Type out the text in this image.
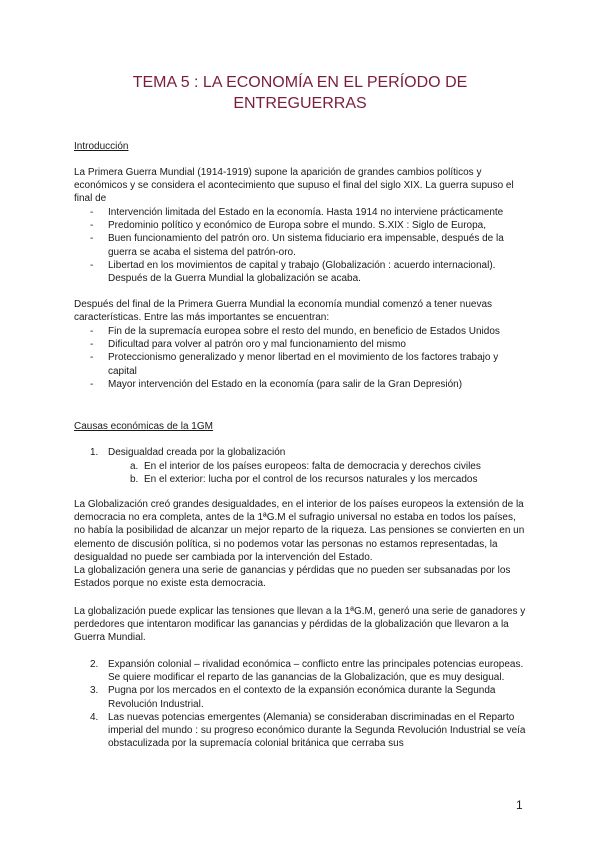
TEMA 5 : LA ECONOMÍA EN EL PERÍODO DE
ENTREGUERRAS
Introducción
La Primera Guerra Mundial (1914-1919) supone la aparición de grandes cambios políticos y económicos y se considera el acontecimiento que supuso el final del siglo XIX. La guerra supuso el final de
- Intervención limitada del Estado en la economía. Hasta 1914 no interviene prácticamente
- Predominio político y económico de Europa sobre el mundo. S.XIX : Siglo de Europa,
- Buen funcionamiento del patrón oro. Un sistema fiduciario era impensable, después de la guerra se acaba el sistema del patrón-oro.
- Libertad en los movimientos de capital y trabajo (Globalización : acuerdo internacional). Después de la Guerra Mundial la globalización se acaba.
Después del final de la Primera Guerra Mundial la economía mundial comenzó a tener nuevas características. Entre las más importantes se encuentran:
- Fin de la supremacía europea sobre el resto del mundo, en beneficio de Estados Unidos
- Dificultad para volver al patrón oro y mal funcionamiento del mismo
- Proteccionismo generalizado y menor libertad en el movimiento de los factores trabajo y capital
- Mayor intervención del Estado en la economía (para salir de la Gran Depresión)
Causas económicas de la 1GM
1. Desigualdad creada por la globalización
a. En el interior de los países europeos: falta de democracia y derechos civiles
b. En el exterior: lucha por el control de los recursos naturales y los mercados

La Globalización creó grandes desigualdades, en el interior de los países europeos la extensión de la democracia no era completa, antes de la 1ªG.M el sufragio universal no estaba en todos los países, no había la posibilidad de alcanzar un mejor reparto de la riqueza. Las pensiones se convierten en un elemento de discusión política, si no podemos votar las personas no estamos representadas, la desigualdad no puede ser cambiada por la intervención del Estado.

La globalización genera una serie de ganancias y pérdidas que no pueden ser subsanadas por los Estados porque no existe esta democracia.

La globalización puede explicar las tensiones que llevan a la 1ªG.M, generó una serie de ganadores y perdedores que intentaron modificar las ganancias y pérdidas de la globalización que llevaron a la Guerra Mundial.
2. Expansión colonial – rivalidad económica – conflicto entre las principales potencias europeas. Se quiere modificar el reparto de las ganancias de la Globalización, que es muy desigual.
3. Pugna por los mercados en el contexto de la expansión económica durante la Segunda Revolución Industrial.
4. Las nuevas potencias emergentes (Alemania) se consideraban discriminadas en el Reparto imperial del mundo : su progreso económico durante la Segunda Revolución Industrial se veía obstaculizada por la supremacía colonial británica que cerraba sus
1
